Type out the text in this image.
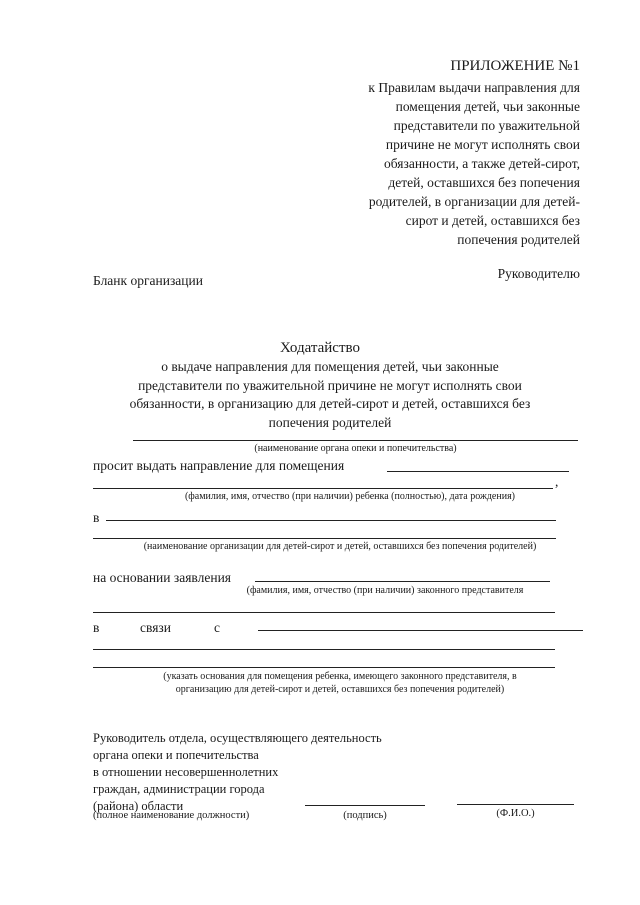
ПРИЛОЖЕНИЕ №1
к Правилам выдачи направления для
помещения детей, чьи законные
представители по уважительной
причине не могут исполнять свои
обязанности, а также детей-сирот,
детей, оставшихся без попечения
родителей, в организации для детей-
сирот и детей, оставшихся без
попечения родителей
Бланк организации	Руководителю
Ходатайство
о выдаче направления для помещения детей, чьи законные
представители по уважительной причине не могут исполнять свои
обязанности, в организацию для детей-сирот и детей, оставшихся без
попечения родителей
(наименование органа опеки и попечительства)
просит выдать направление для помещения
,
(фамилия, имя, отчество (при наличии) ребенка (полностью), дата рождения)
в
(наименование организации для детей-сирот и детей, оставшихся без попечения родителей)
на основании заявления
(фамилия, имя, отчество (при наличии) законного представителя
в	связи	с
(указать основания для помещения ребенка, имеющего законного представителя, в
организацию для детей-сирот и детей, оставшихся без попечения родителей)
Руководитель отдела, осуществляющего деятельность
органа опеки и попечительства
в отношении несовершеннолетних
граждан, администрации города
(района) области
(полное наименование должности)	(подпись)	(Ф.И.О.)
